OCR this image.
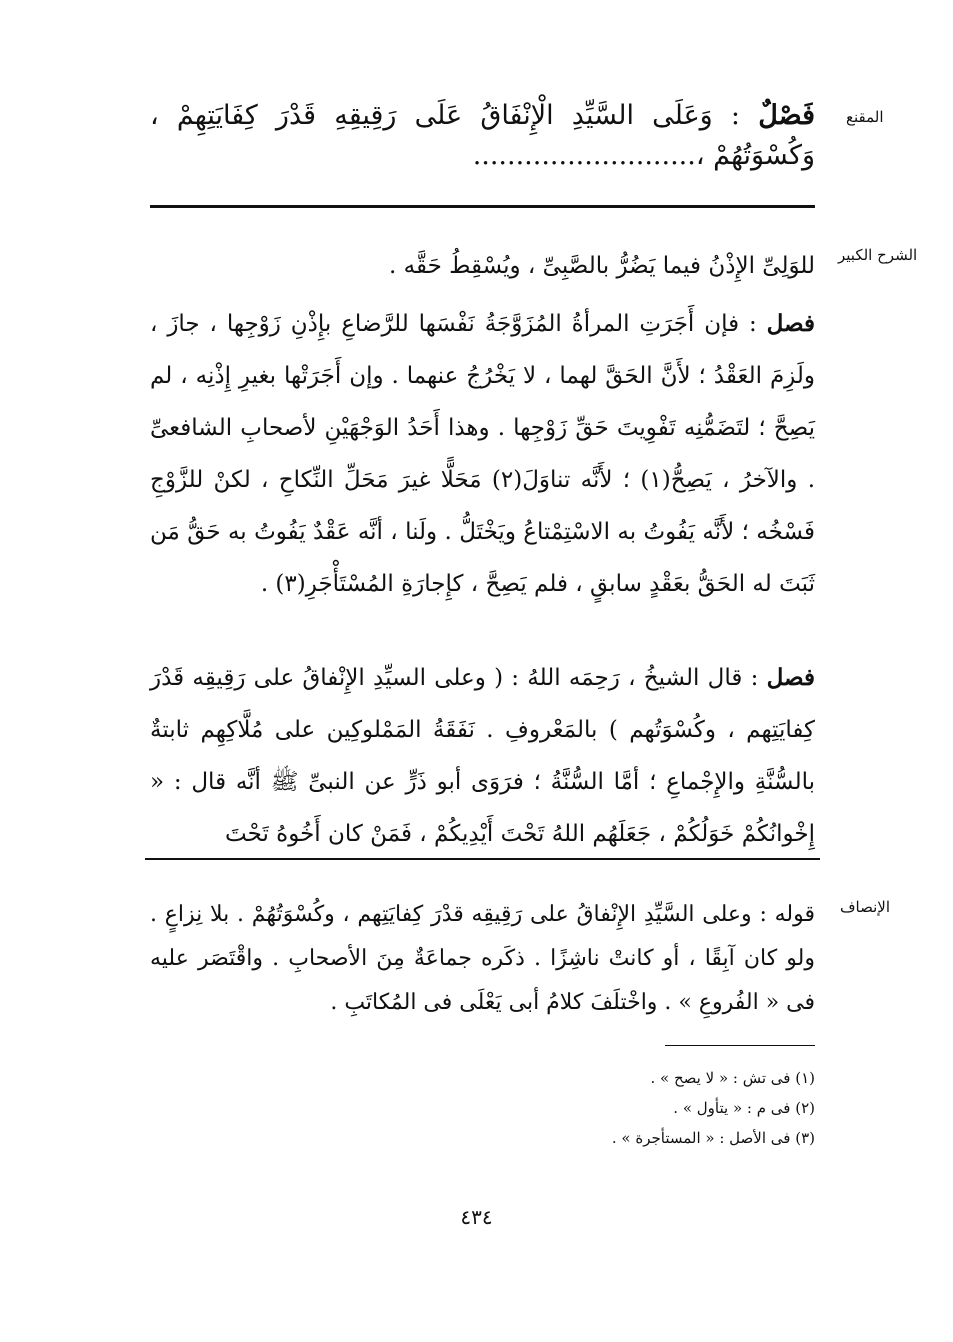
المقنع
الشرح الكبير
الإنصاف
فَصْلٌ : وَعَلَى السَّيِّدِ الْإِنْفَاقُ عَلَى رَقِيقِهِ قَدْرَ كِفَايَتِهِمْ ، وَكُسْوَتُهُمْ ،..........................
للوَلِىِّ الإِذْنُ فيما يَضُرُّ بالصَّبِىِّ ، ويُسْقِطُ حَقَّه .
فصل : فإن أَجَرَتِ المرأةُ المُزَوَّجَةُ نَفْسَها للرَّضاعِ بإِذْنِ زَوْجِها ، جازَ ، ولَزِمَ العَقْدُ ؛ لأَنَّ الحَقَّ لهما ، لا يَخْرُجُ عنهما . وإن أَجَرَتْها بغيرِ إِذْنِه ، لم يَصِحَّ ؛ لتَضَمُّنِه تَفْوِيتَ حَقِّ زَوْجِها . وهذا أَحَدُ الوَجْهَيْنِ لأصحابِ الشافعىِّ . والآخرُ ، يَصِحُّ(١) ؛ لأَنَّه تناوَلَ(٢) مَحَلًّا غيرَ مَحَلِّ النِّكاحِ ، لكنْ للزَّوْجِ فَسْخُه ؛ لأَنَّه يَفُوتُ به الاسْتِمْتاعُ ويَخْتَلُّ . ولَنا ، أنَّه عَقْدٌ يَفُوتُ به حَقُّ مَن ثَبَتَ له الحَقُّ بعَقْدٍ سابقٍ ، فلم يَصِحَّ ، كإِجارَةِ المُسْتَأْجَرِ(٣) .
فصل : قال الشيخُ ، رَحِمَه اللهُ : ( وعلى السيِّدِ الإِنْفاقُ على رَقِيقِه قَدْرَ كِفايَتِهم ، وكُسْوَتُهم ) بالمَعْروفِ . نَفَقَةُ المَمْلوكِين على مُلَّاكِهِم ثابتةٌ بالسُّنَّةِ والإِجْماعِ ؛ أمَّا السُّنَّةُ ؛ فرَوَى أبو ذَرٍّ عن النبىِّ ﷺ أنَّه قال : « إِخْوانُكُمْ خَوَلُكُمْ ، جَعَلَهُم اللهُ تَحْتَ أَيْدِيكُمْ ، فَمَنْ كان أَخُوهُ تَحْتَ
قوله : وعلى السَّيِّدِ الإِنْفاقُ على رَقِيقِه قدْرَ كِفايَتِهم ، وكُسْوَتُهُمْ . بلا نِزاعٍ . ولو كان آبِقًا ، أو كانتْ ناشِزًا . ذكَره جماعَةٌ مِنَ الأصحابِ . واقْتَصَر عليه فى « الفُروعِ » . واخْتلَفَ كلامُ أبى يَعْلَى فى المُكاتَبِ .
(١) فى تش : « لا يصح » .
(٢) فى م : « يتأول » .
(٣) فى الأصل : « المستأجرة » .
٤٣٤
